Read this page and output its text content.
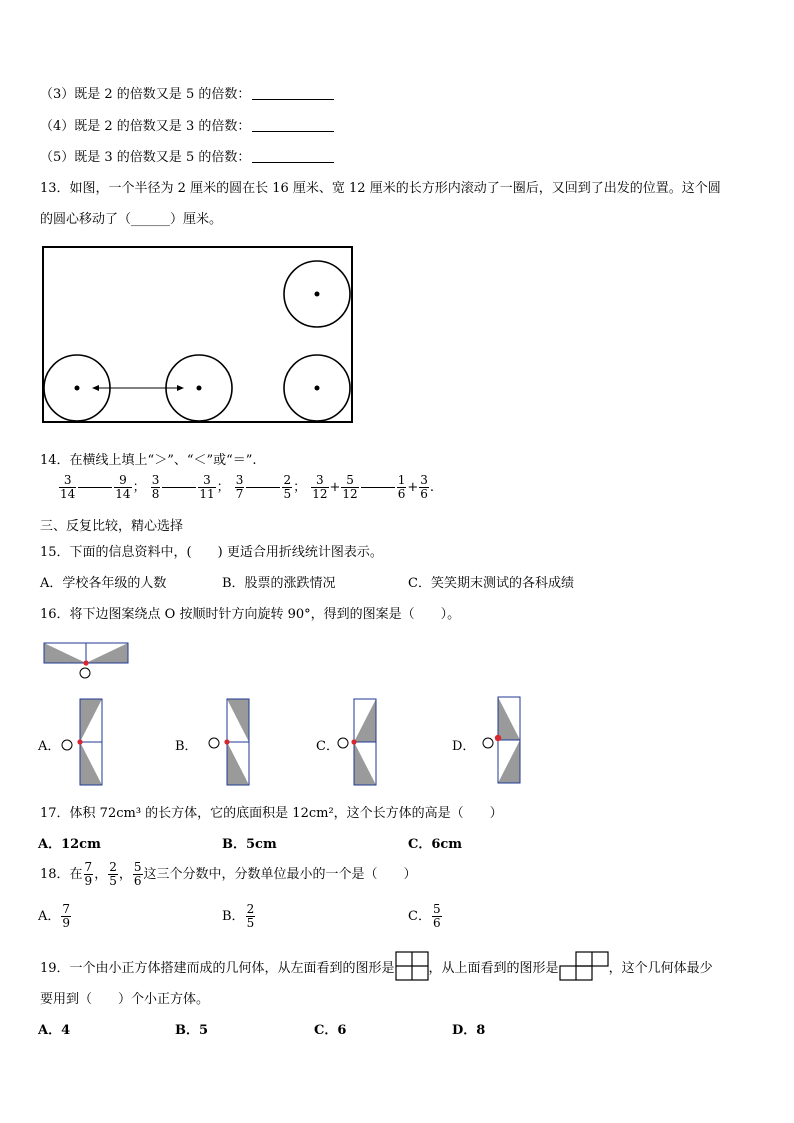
（3）既是 2 的倍数又是 5 的倍数：
（4）既是 2 的倍数又是 3 的倍数：
（5）既是 3 的倍数又是 5 的倍数：
13．如图，一个半径为 2 厘米的圆在长 16 厘米、宽 12 厘米的长方形内滚动了一圈后，又回到了出发的位置。这个圆
的圆心移动了（______）厘米。
14．在横线上填上“＞”、“＜”或“＝”.
$\frac{3}{14}$	$\frac{9}{14}$ ； $\frac{3}{8}$	$\frac{3}{11}$ ； $\frac{3}{7}$	$\frac{2}{5}$ ； $\frac{3}{12} + \frac{5}{12}$	$\frac{1}{6} + \frac{3}{6}$ .
三、反复比较，精心选择
15．下面的信息资料中，(　　) 更适合用折线统计图表示。
A．学校各年级的人数	B．股票的涨跌情况	C．笑笑期末测试的各科成绩
16．将下边图案绕点 O 按顺时针方向旋转 90°，得到的图案是（　　）。
A．	B．	C．	D．
17．体积 72cm³ 的长方体，它的底面积是 12cm²，这个长方体的高是（　　）
A．12cm	B．5cm	C．6cm
18．在 $\frac{7}{9}$ ， $\frac{2}{5}$ ， $\frac{5}{6}$ 这三个分数中，分数单位最小的一个是（　　）
A． $\frac{7}{9}$	B． $\frac{2}{5}$	C． $\frac{5}{6}$
19．一个由小正方体搭建而成的几何体，从左面看到的图形是	，从上面看到的图形是	，这个几何体最少
要用到（　　）个小正方体。
A．4	B．5	C．6	D．8
